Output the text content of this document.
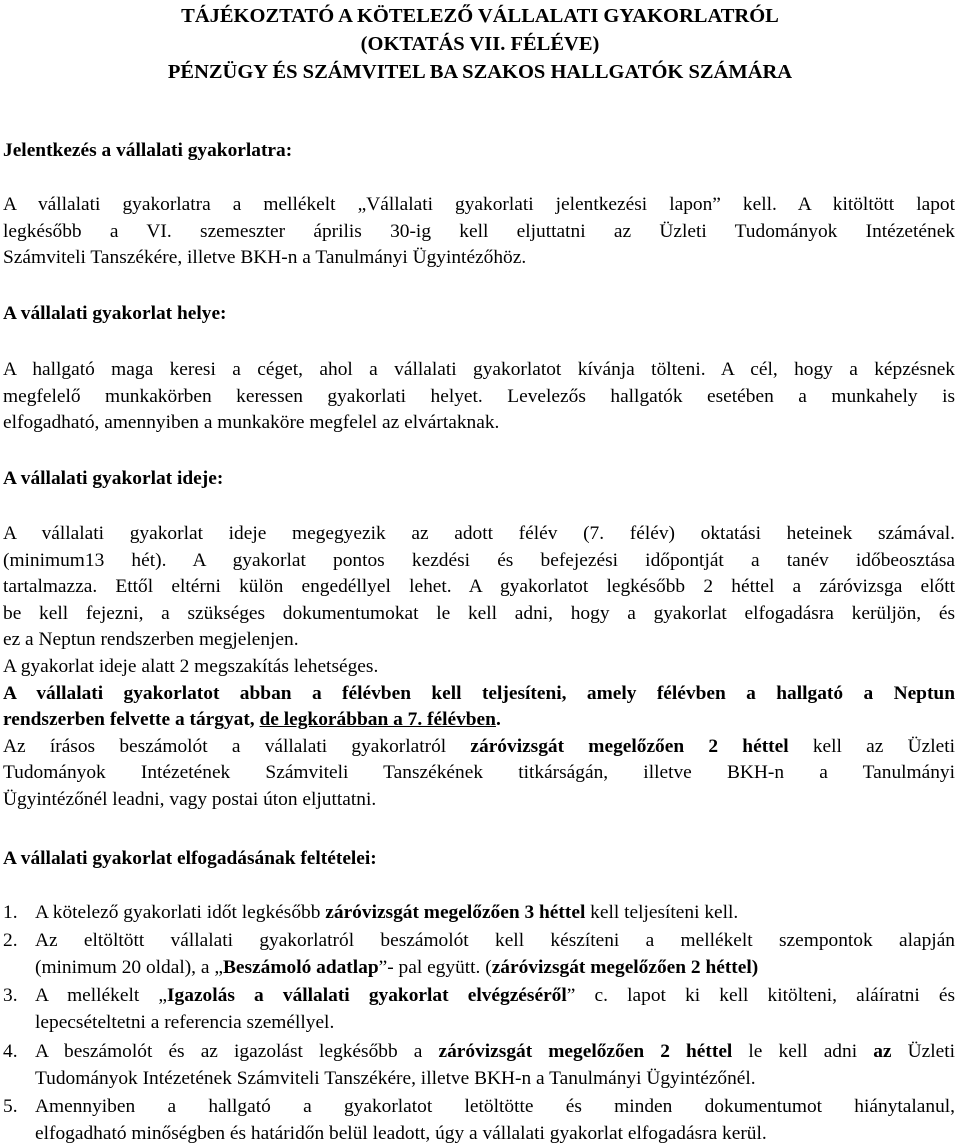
TÁJÉKOZTATÓ A KÖTELEZŐ VÁLLALATI GYAKORLATRÓL
(OKTATÁS VII. FÉLÉVE)
PÉNZÜGY ÉS SZÁMVITEL BA SZAKOS HALLGATÓK SZÁMÁRA
Jelentkezés a vállalati gyakorlatra:
A vállalati gyakorlatra a mellékelt „Vállalati gyakorlati jelentkezési lapon” kell. A kitöltött lapot
legkésőbb a VI. szemeszter április 30-ig kell eljuttatni az Üzleti Tudományok Intézetének
Számviteli Tanszékére, illetve BKH-n a Tanulmányi Ügyintézőhöz.
A vállalati gyakorlat helye:
A hallgató maga keresi a céget, ahol a vállalati gyakorlatot kívánja tölteni. A cél, hogy a képzésnek
megfelelő munkakörben keressen gyakorlati helyet. Levelezős hallgatók esetében a munkahely is
elfogadható, amennyiben a munkaköre megfelel az elvártaknak.
A vállalati gyakorlat ideje:
A vállalati gyakorlat ideje megegyezik az adott félév (7. félév) oktatási heteinek számával.
(minimum13 hét). A gyakorlat pontos kezdési és befejezési időpontját a tanév időbeosztása
tartalmazza. Ettől eltérni külön engedéllyel lehet. A gyakorlatot legkésőbb 2 héttel a záróvizsga előtt
be kell fejezni, a szükséges dokumentumokat le kell adni, hogy a gyakorlat elfogadásra kerüljön, és
ez a Neptun rendszerben megjelenjen.
A gyakorlat ideje alatt 2 megszakítás lehetséges.
A vállalati gyakorlatot abban a félévben kell teljesíteni, amely félévben a hallgató a Neptun
rendszerben felvette a tárgyat, de legkorábban a 7. félévben.
Az írásos beszámolót a vállalati gyakorlatról záróvizsgát megelőzően 2 héttel kell az Üzleti
Tudományok Intézetének Számviteli Tanszékének titkárságán, illetve BKH-n a Tanulmányi
Ügyintézőnél leadni, vagy postai úton eljuttatni.
A vállalati gyakorlat elfogadásának feltételei:
1. A kötelező gyakorlati időt legkésőbb záróvizsgát megelőzően 3 héttel kell teljesíteni kell.
2. Az eltöltött vállalati gyakorlatról beszámolót kell készíteni a mellékelt szempontok alapján
(minimum 20 oldal), a „Beszámoló adatlap”- pal együtt. (záróvizsgát megelőzően 2 héttel)
3. A mellékelt „Igazolás a vállalati gyakorlat elvégzéséről” c. lapot ki kell kitölteni, aláíratni és
lepecsételtetni a referencia személlyel.
4. A beszámolót és az igazolást legkésőbb a záróvizsgát megelőzően 2 héttel le kell adni az Üzleti
Tudományok Intézetének Számviteli Tanszékére, illetve BKH-n a Tanulmányi Ügyintézőnél.
5. Amennyiben a hallgató a gyakorlatot letöltötte és minden dokumentumot hiánytalanul,
elfogadható minőségben és határidőn belül leadott, úgy a vállalati gyakorlat elfogadásra kerül.
